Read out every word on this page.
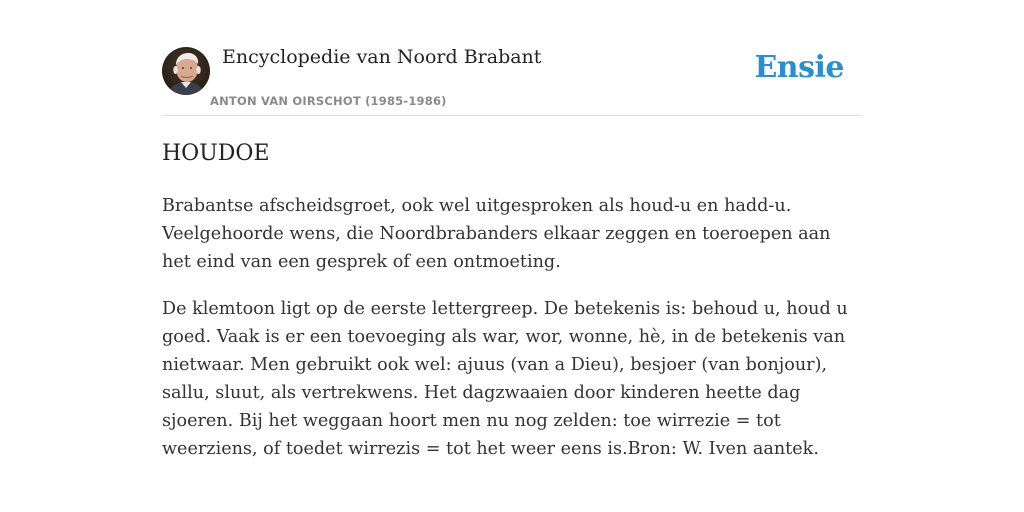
Encyclopedie van Noord Brabant
ANTON VAN OIRSCHOT (1985-1986)
Ensie
HOUDOE

Brabantse afscheidsgroet, ook wel uitgesproken als houd-u en hadd-u. Veelgehoorde wens, die Noordbrabanders elkaar zeggen en toeroepen aan het eind van een gesprek of een ontmoeting.

De klemtoon ligt op de eerste lettergreep. De betekenis is: behoud u, houd u goed. Vaak is er een toevoeging als war, wor, wonne, hè, in de betekenis van nietwaar. Men gebruikt ook wel: ajuus (van a Dieu), besjoer (van bonjour), sallu, sluut, als vertrekwens. Het dagzwaaien door kinderen heette dag sjoeren. Bij het weggaan hoort men nu nog zelden: toe wirrezie = tot weerziens, of toedet wirrezis = tot het weer eens is.Bron: W. Iven aantek.
